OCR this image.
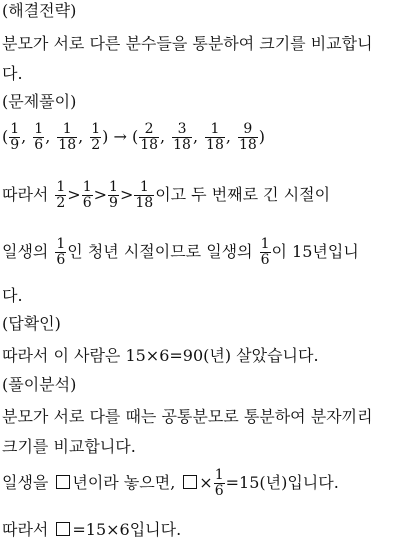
(해결전략)
분모가 서로 다른 분수들을 통분하여 크기를 비교합니
다.
(문제풀이)
( $\frac{1}{9}$ , $\frac{1}{6}$ , $\frac{1}{18}$ , $\frac{1}{2}$ ) → ( $\frac{2}{18}$ , $\frac{3}{18}$ , $\frac{1}{18}$ , $\frac{9}{18}$ )
따라서 $\frac{1}{2} > \frac{1}{6} > \frac{1}{9} > \frac{1}{18}$ 이고 두 번째로 긴 시절이
일생의 $\frac{1}{6}$ 인 청년 시절이므로 일생의 $\frac{1}{6}$ 이 15년입니
다.
(답확인)
따라서 이 사람은 15×6=90(년) 살았습니다.
(풀이분석)
분모가 서로 다를 때는 공통분모로 통분하여 분자끼리
크기를 비교합니다.
일생을 년이라 놓으면, × $\frac{1}{6} =15$(년)입니다.
따라서 =15×6입니다.
